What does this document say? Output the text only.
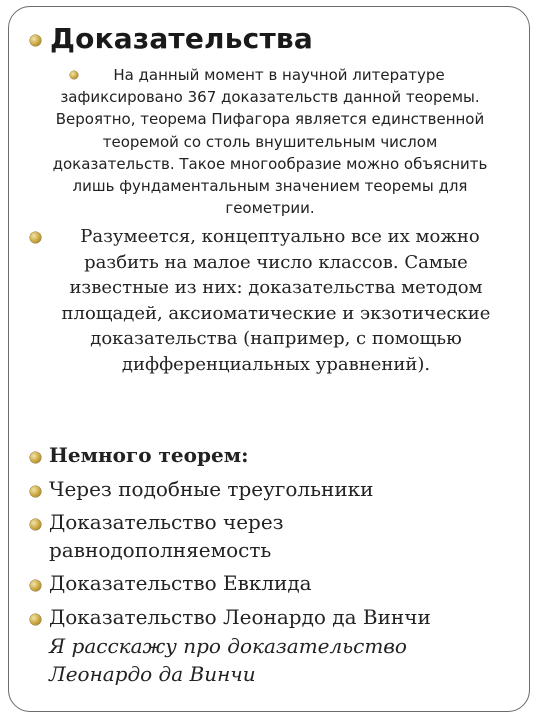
Доказательства

На данный момент в научной литературе зафиксировано 367 доказательств данной теоремы. Вероятно, теорема Пифагора является единственной теоремой со столь внушительным числом доказательств. Такое многообразие можно объяснить лишь фундаментальным значением теоремы для геометрии.

Разумеется, концептуально все их можно разбить на малое число классов. Самые известные из них: доказательства методом площадей, аксиоматические и экзотические доказательства (например, с помощью дифференциальных уравнений).

Немного теорем:

Через подобные треугольники

Доказательство через

равнодополняемость

Доказательство Евклида

Доказательство Леонардо да Винчи

Я расскажу про доказательство
Леонардо да Винчи
